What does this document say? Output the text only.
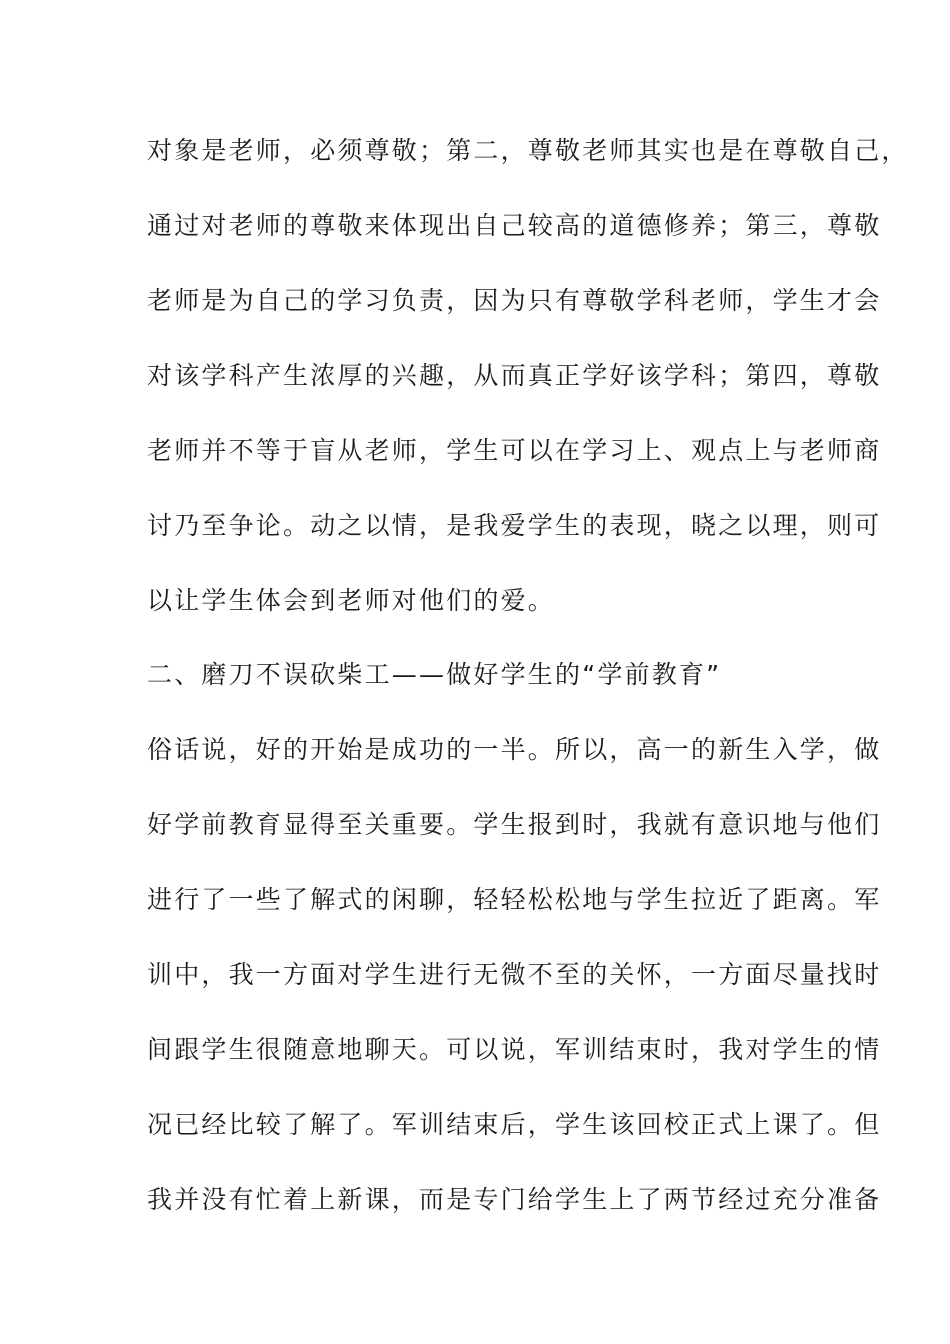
对象是老师，必须尊敬；第二，尊敬老师其实也是在尊敬自己，
通过对老师的尊敬来体现出自己较高的道德修养；第三，尊敬
老师是为自己的学习负责，因为只有尊敬学科老师，学生才会
对该学科产生浓厚的兴趣，从而真正学好该学科；第四，尊敬
老师并不等于盲从老师，学生可以在学习上、观点上与老师商
讨乃至争论。动之以情，是我爱学生的表现，晓之以理，则可
以让学生体会到老师对他们的爱。
二、磨刀不误砍柴工——做好学生的“学前教育”
俗话说，好的开始是成功的一半。所以，高一的新生入学，做
好学前教育显得至关重要。学生报到时，我就有意识地与他们
进行了一些了解式的闲聊，轻轻松松地与学生拉近了距离。军
训中，我一方面对学生进行无微不至的关怀，一方面尽量找时
间跟学生很随意地聊天。可以说，军训结束时，我对学生的情
况已经比较了解了。军训结束后，学生该回校正式上课了。但
我并没有忙着上新课，而是专门给学生上了两节经过充分准备
